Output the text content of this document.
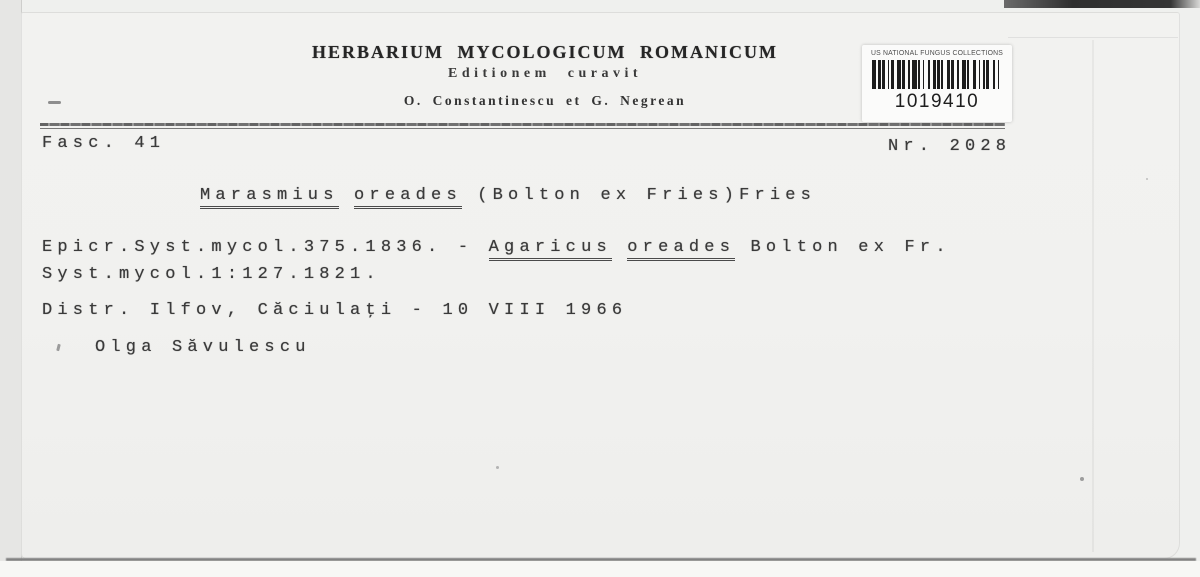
HERBARIUM MYCOLOGICUM ROMANICUM
Editionem curavit
O. Constantinescu et G. Negrean
Fasc. 41	Nr. 2028
Marasmius oreades (Bolton ex Fries)Fries
Epicr.Syst.mycol.375.1836. - Agaricus oreades Bolton ex Fr.
Syst.mycol.1:127.1821.
Distr. Ilfov, Căciulaţi - 10 VIII 1966
Olga Săvulescu
US NATIONAL FUNGUS COLLECTIONS
1019410
